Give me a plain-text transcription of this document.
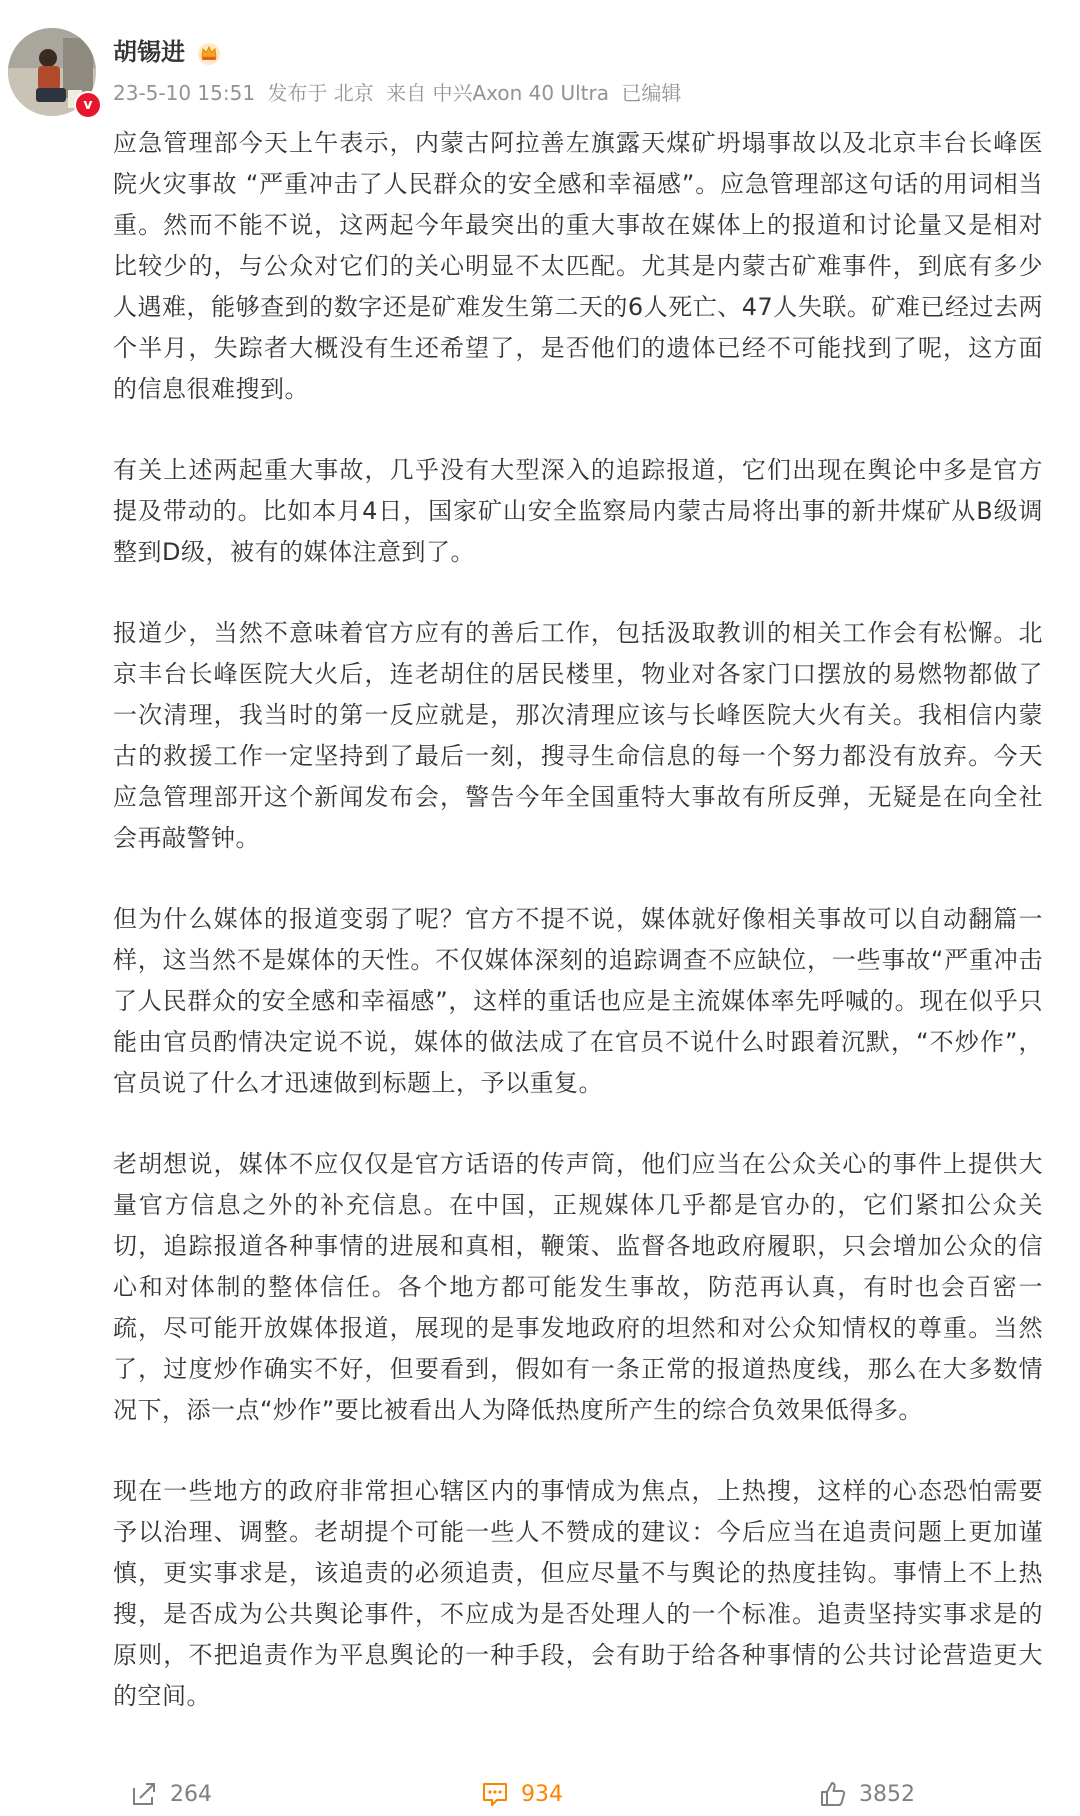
v
胡锡进
23-5-10 15:51 发布于 北京 来自 中兴Axon 40 Ultra 已编辑

应急管理部今天上午表示，内蒙古阿拉善左旗露天煤矿坍塌事故以及北京丰台长峰医院火灾事故 “严重冲击了人民群众的安全感和幸福感”。应急管理部这句话的用词相当重。然而不能不说，这两起今年最突出的重大事故在媒体上的报道和讨论量又是相对比较少的，与公众对它们的关心明显不太匹配。尤其是内蒙古矿难事件，到底有多少人遇难，能够查到的数字还是矿难发生第二天的6人死亡、47人失联。矿难已经过去两个半月，失踪者大概没有生还希望了，是否他们的遗体已经不可能找到了呢，这方面的信息很难搜到。

有关上述两起重大事故，几乎没有大型深入的追踪报道，它们出现在舆论中多是官方提及带动的。比如本月4日，国家矿山安全监察局内蒙古局将出事的新井煤矿从B级调整到D级，被有的媒体注意到了。

报道少，当然不意味着官方应有的善后工作，包括汲取教训的相关工作会有松懈。北京丰台长峰医院大火后，连老胡住的居民楼里，物业对各家门口摆放的易燃物都做了一次清理，我当时的第一反应就是，那次清理应该与长峰医院大火有关。我相信内蒙古的救援工作一定坚持到了最后一刻，搜寻生命信息的每一个努力都没有放弃。今天应急管理部开这个新闻发布会，警告今年全国重特大事故有所反弹，无疑是在向全社会再敲警钟。

但为什么媒体的报道变弱了呢？官方不提不说，媒体就好像相关事故可以自动翻篇一样，这当然不是媒体的天性。不仅媒体深刻的追踪调查不应缺位，一些事故“严重冲击了人民群众的安全感和幸福感”，这样的重话也应是主流媒体率先呼喊的。现在似乎只能由官员酌情决定说不说，媒体的做法成了在官员不说什么时跟着沉默，“不炒作”，官员说了什么才迅速做到标题上，予以重复。

老胡想说，媒体不应仅仅是官方话语的传声筒，他们应当在公众关心的事件上提供大量官方信息之外的补充信息。在中国，正规媒体几乎都是官办的，它们紧扣公众关切，追踪报道各种事情的进展和真相，鞭策、监督各地政府履职，只会增加公众的信心和对体制的整体信任。各个地方都可能发生事故，防范再认真，有时也会百密一疏，尽可能开放媒体报道，展现的是事发地政府的坦然和对公众知情权的尊重。当然了，过度炒作确实不好，但要看到，假如有一条正常的报道热度线，那么在大多数情况下，添一点“炒作”要比被看出人为降低热度所产生的综合负效果低得多。

现在一些地方的政府非常担心辖区内的事情成为焦点，上热搜，这样的心态恐怕需要予以治理、调整。老胡提个可能一些人不赞成的建议：今后应当在追责问题上更加谨慎，更实事求是，该追责的必须追责，但应尽量不与舆论的热度挂钩。事情上不上热搜，是否成为公共舆论事件，不应成为是否处理人的一个标准。追责坚持实事求是的原则，不把追责作为平息舆论的一种手段，会有助于给各种事情的公共讨论营造更大的空间。

264	934	3852
